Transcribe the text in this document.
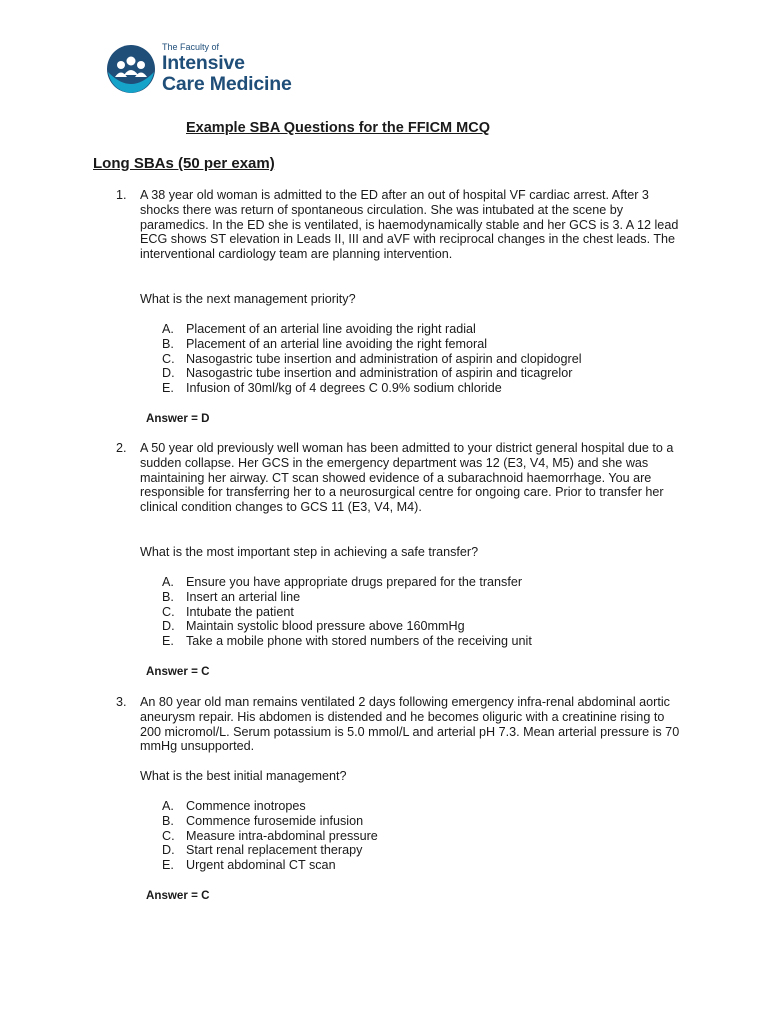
The Faculty of
Intensive
Care Medicine
Example SBA Questions for the FFICM MCQ
Long SBAs (50 per exam)
1. A 38 year old woman is admitted to the ED after an out of hospital VF cardiac arrest. After 3 shocks there was return of spontaneous circulation. She was intubated at the scene by paramedics. In the ED she is ventilated, is haemodynamically stable and her GCS is 3. A 12 lead ECG shows ST elevation in Leads II, III and aVF with reciprocal changes in the chest leads. The interventional cardiology team are planning intervention.
What is the next management priority?
A. Placement of an arterial line avoiding the right radial
B. Placement of an arterial line avoiding the right femoral
C. Nasogastric tube insertion and administration of aspirin and clopidogrel
D. Nasogastric tube insertion and administration of aspirin and ticagrelor
E. Infusion of 30ml/kg of 4 degrees C 0.9% sodium chloride
Answer = D
2. A 50 year old previously well woman has been admitted to your district general hospital due to a sudden collapse. Her GCS in the emergency department was 12 (E3, V4, M5) and she was maintaining her airway. CT scan showed evidence of a subarachnoid haemorrhage. You are responsible for transferring her to a neurosurgical centre for ongoing care. Prior to transfer her clinical condition changes to GCS 11 (E3, V4, M4).
What is the most important step in achieving a safe transfer?
A. Ensure you have appropriate drugs prepared for the transfer
B. Insert an arterial line
C. Intubate the patient
D. Maintain systolic blood pressure above 160mmHg
E. Take a mobile phone with stored numbers of the receiving unit
Answer = C
3. An 80 year old man remains ventilated 2 days following emergency infra-renal abdominal aortic aneurysm repair. His abdomen is distended and he becomes oliguric with a creatinine rising to 200 micromol/L. Serum potassium is 5.0 mmol/L and arterial pH 7.3. Mean arterial pressure is 70 mmHg unsupported.
What is the best initial management?
A. Commence inotropes
B. Commence furosemide infusion
C. Measure intra-abdominal pressure
D. Start renal replacement therapy
E. Urgent abdominal CT scan
Answer = C
